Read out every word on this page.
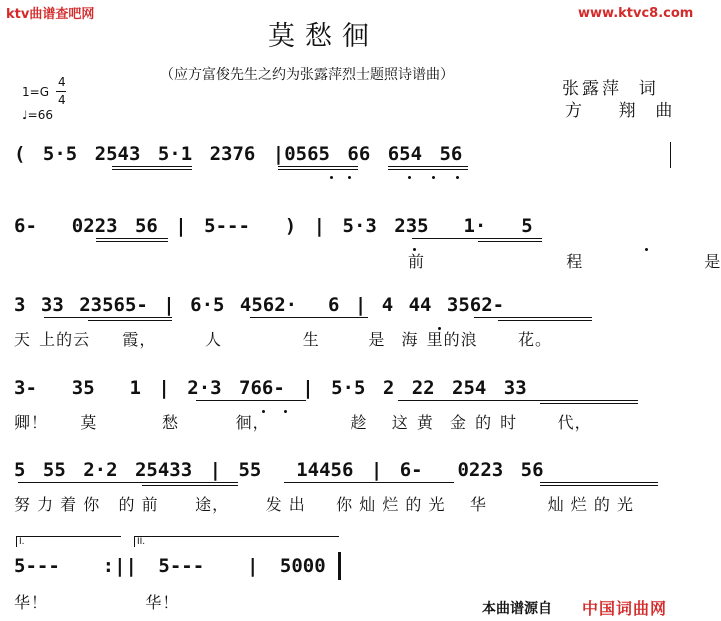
ktv曲谱查吧网	www.ktvc8.com
莫愁徊
（应方富俊先生之约为张露萍烈士题照诗谱曲）
张露萍  词
方    翔  曲
1=G
4
4
♩=66
( 5·5 2543 5·1 2376 |0565 66 654 56
6-  0223 56 | 5---  ) | 5·3 235  1·  5
前              程            是
3 33 23565- | 6·5 4562·  6 | 4 44 3562-
天 上的云    霞，      人          生      是  海 里的浪     花。
3-  35  1 | 2·3 766- | 5·5 2 22 254 33
卿！    莫        愁       徊，          趁   这 黄  金 的 时     代，
5 55 2·2 25433 | 55  14456 | 6-  0223 56
努 力 着 你   的 前      途，      发 出     你 灿 烂 的 光    华          灿 烂 的 光
I.	II.
5---  :|| 5---  | 5000
华！                华！	本曲谱源自 中国词曲网
